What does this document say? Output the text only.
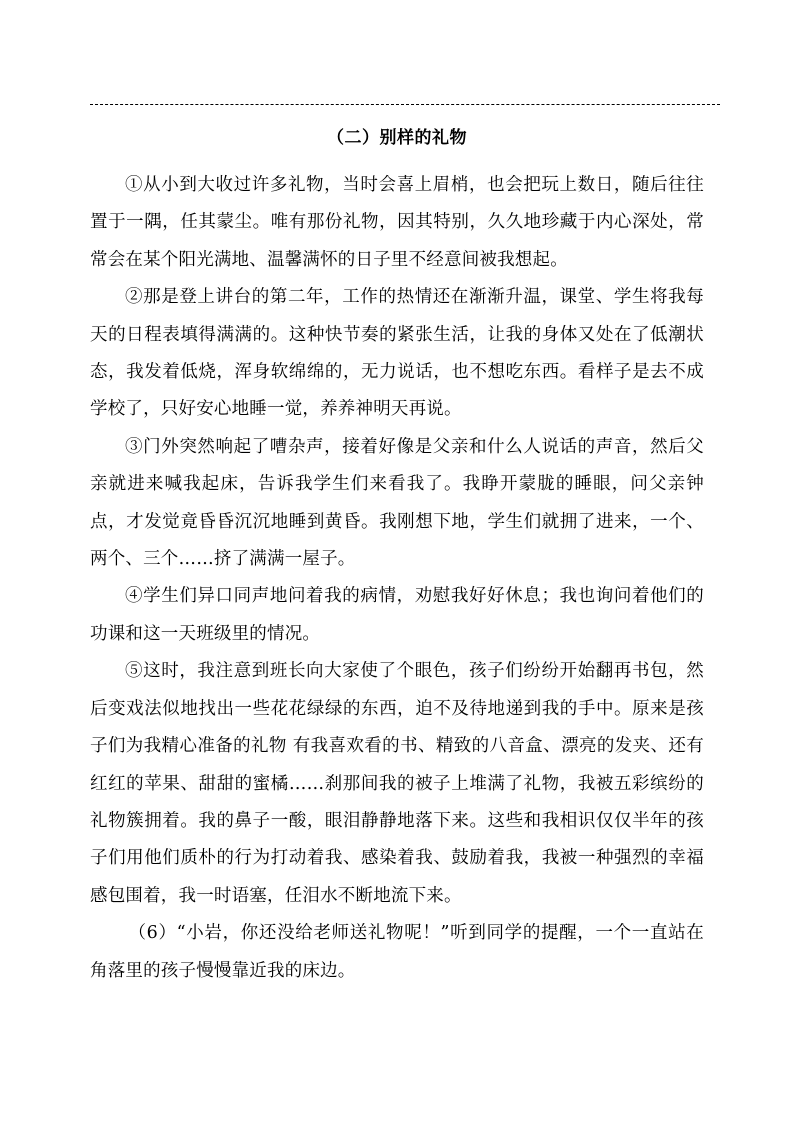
（二）别样的礼物

①从小到大收过许多礼物，当时会喜上眉梢，也会把玩上数日，随后往往置于一隅，任其蒙尘。唯有那份礼物，因其特别，久久地珍藏于内心深处，常常会在某个阳光满地、温馨满怀的日子里不经意间被我想起。

②那是登上讲台的第二年，工作的热情还在渐渐升温，课堂、学生将我每天的日程表填得满满的。这种快节奏的紧张生活，让我的身体又处在了低潮状态，我发着低烧，浑身软绵绵的，无力说话，也不想吃东西。看样子是去不成学校了，只好安心地睡一觉，养养神明天再说。

③门外突然响起了嘈杂声，接着好像是父亲和什么人说话的声音，然后父亲就进来喊我起床，告诉我学生们来看我了。我睁开蒙胧的睡眼，问父亲钟点，才发觉竟昏昏沉沉地睡到黄昏。我刚想下地，学生们就拥了进来，一个、两个、三个……挤了满满一屋子。

④学生们异口同声地问着我的病情，劝慰我好好休息；我也询问着他们的功课和这一天班级里的情况。

⑤这时，我注意到班长向大家使了个眼色，孩子们纷纷开始翻再书包，然后变戏法似地找出一些花花绿绿的东西，迫不及待地递到我的手中。原来是孩子们为我精心准备的礼物 有我喜欢看的书、精致的八音盒、漂亮的发夹、还有红红的苹果、甜甜的蜜橘……刹那间我的被子上堆满了礼物，我被五彩缤纷的礼物簇拥着。我的鼻子一酸，眼泪静静地落下来。这些和我相识仅仅半年的孩子们用他们质朴的行为打动着我、感染着我、鼓励着我，我被一种强烈的幸福感包围着，我一时语塞，任泪水不断地流下来。

（6）“小岩，你还没给老师送礼物呢！”听到同学的提醒，一个一直站在角落里的孩子慢慢靠近我的床边。
